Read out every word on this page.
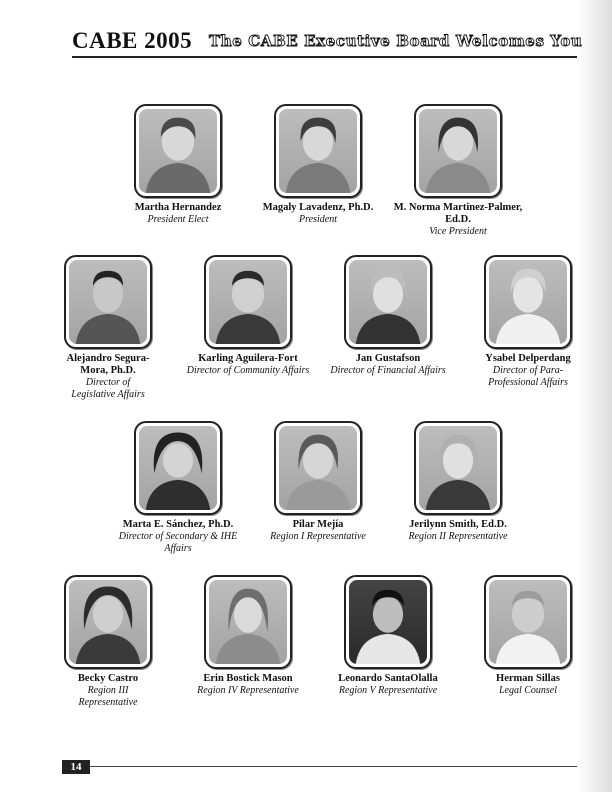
CABE 2005 The CABE Executive Board Welcomes You
Martha Hernandez
President Elect
Magaly Lavadenz, Ph.D.
President
M. Norma Martinez-Palmer, Ed.D.
Vice President
Alejandro Segura-Mora, Ph.D.
Director of Legislative Affairs
Karling Aguilera-Fort
Director of Community Affairs
Jan Gustafson
Director of Financial Affairs
Ysabel Delperdang
Director of Para-Professional Affairs
Marta E. Sánchez, Ph.D.
Director of Secondary & IHE Affairs
Pilar Mejía
Region I Representative
Jerilynn Smith, Ed.D.
Region II Representative
Becky Castro
Region III Representative
Erin Bostick Mason
Region IV Representative
Leonardo SantaOlalla
Region V Representative
Herman Sillas
Legal Counsel
14
